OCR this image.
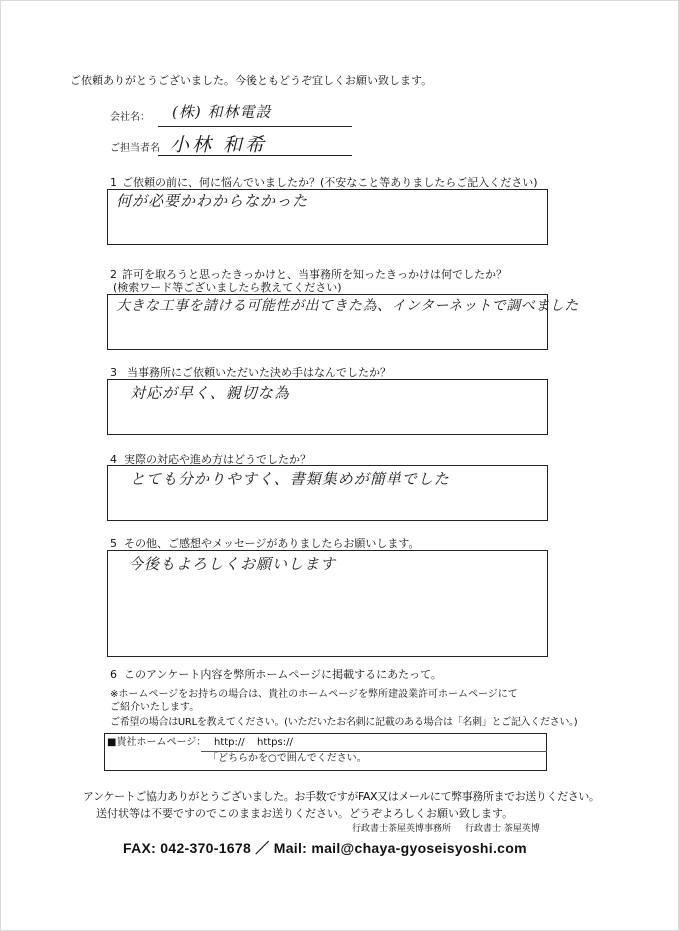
ご依頼ありがとうございました。今後ともどうぞ宜しくお願い致します。
会社名： (株) 和林電設
ご担当者名 小林 和希
1 ご依頼の前に、何に悩んでいましたか？(不安なこと等ありましたらご記入ください)
何が必要かわからなかった
2 許可を取ろうと思ったきっかけと、当事務所を知ったきっかけは何でしたか？
(検索ワード等ございましたら教えてください)
大きな工事を請ける可能性が出てきた為、インターネットで調べました
3 当事務所にご依頼いただいた決め手はなんでしたか？
対応が早く、親切な為
4 実際の対応や進め方はどうでしたか？
とても分かりやすく、書類集めが簡単でした
5 その他、ご感想やメッセージがありましたらお願いします。
今後もよろしくお願いします
6 このアンケート内容を弊所ホームページに掲載するにあたって。
※ホームページをお持ちの場合は、貴社のホームページを弊所建設業許可ホームページにて
ご紹介いたします。
ご希望の場合はURLを教えてください。(いただいたお名刺に記載のある場合は「名刺」とご記入ください。)
■貴社ホームページ： http:// https://
「どちらかを○で囲んでください。
アンケートご協力ありがとうございました。お手数ですがFAX又はメールにて弊事務所までお送りください。
送付状等は不要ですのでこのままお送りください。どうぞよろしくお願い致します。
行政書士茶屋英博事務所 行政書士 茶屋英博
FAX: 042-370-1678 ／ Mail: mail@chaya-gyoseisyoshi.com
